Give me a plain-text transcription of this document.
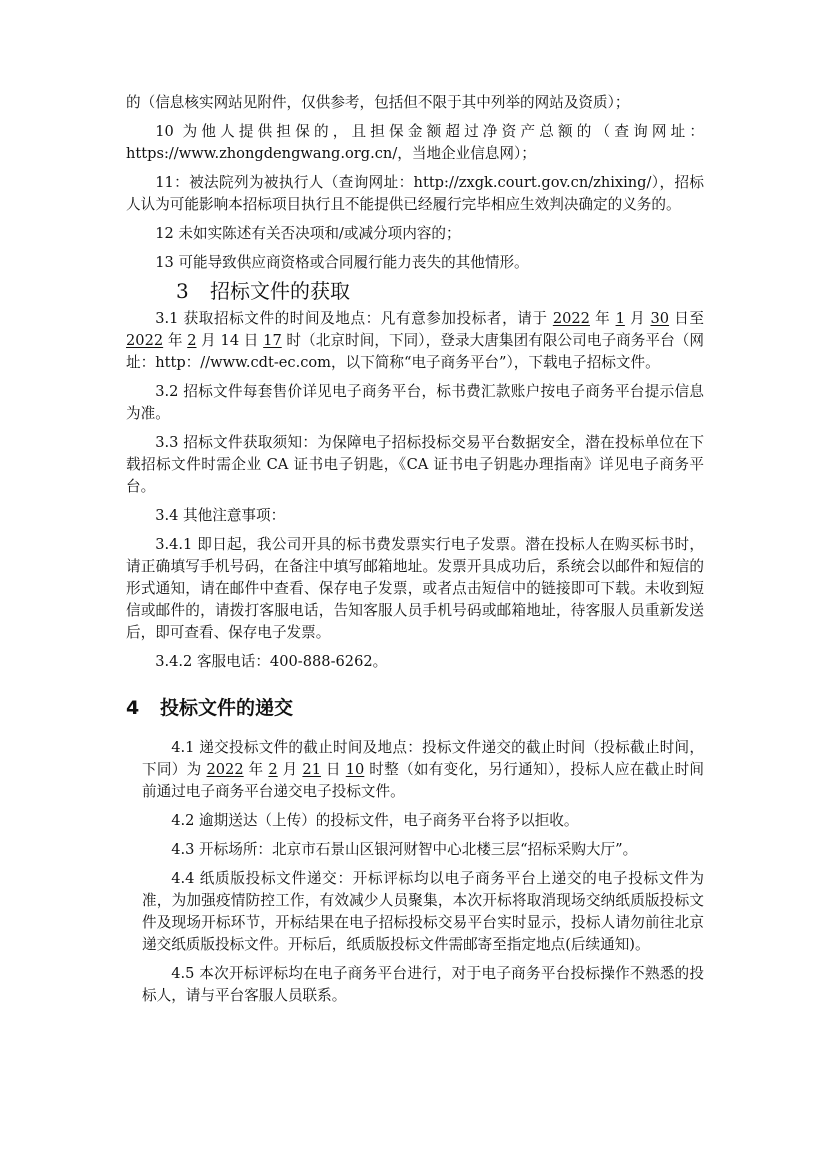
的（信息核实网站见附件，仅供参考，包括但不限于其中列举的网站及资质）；

10 为他人提供担保的，且担保金额超过净资产总额的（查询网址：https://www.zhongdengwang.org.cn/，当地企业信息网）；

11：被法院列为被执行人（查询网址：http://zxgk.court.gov.cn/zhixing/），招标人认为可能影响本招标项目执行且不能提供已经履行完毕相应生效判决确定的义务的。

12 未如实陈述有关否决项和/或减分项内容的；

13 可能导致供应商资格或合同履行能力丧失的其他情形。

3 招标文件的获取

3.1 获取招标文件的时间及地点：凡有意参加投标者，请于 2022 年 1 月 30 日至 2022 年 2 月 14 日 17 时（北京时间，下同），登录大唐集团有限公司电子商务平台（网址：http：//www.cdt-ec.com，以下简称“电子商务平台”），下载电子招标文件。

3.2 招标文件每套售价详见电子商务平台，标书费汇款账户按电子商务平台提示信息为准。

3.3 招标文件获取须知：为保障电子招标投标交易平台数据安全，潜在投标单位在下载招标文件时需企业 CA 证书电子钥匙，《CA 证书电子钥匙办理指南》详见电子商务平台。

3.4 其他注意事项：

3.4.1 即日起，我公司开具的标书费发票实行电子发票。潜在投标人在购买标书时，请正确填写手机号码，在备注中填写邮箱地址。发票开具成功后，系统会以邮件和短信的形式通知，请在邮件中查看、保存电子发票，或者点击短信中的链接即可下载。未收到短信或邮件的，请拨打客服电话，告知客服人员手机号码或邮箱地址，待客服人员重新发送后，即可查看、保存电子发票。

3.4.2 客服电话：400-888-6262。

4 投标文件的递交

4.1 递交投标文件的截止时间及地点：投标文件递交的截止时间（投标截止时间，下同）为 2022 年 2 月 21 日 10 时整（如有变化，另行通知），投标人应在截止时间前通过电子商务平台递交电子投标文件。

4.2 逾期送达（上传）的投标文件，电子商务平台将予以拒收。

4.3 开标场所：北京市石景山区银河财智中心北楼三层“招标采购大厅”。

4.4 纸质版投标文件递交：开标评标均以电子商务平台上递交的电子投标文件为准，为加强疫情防控工作，有效减少人员聚集，本次开标将取消现场交纳纸质版投标文件及现场开标环节，开标结果在电子招标投标交易平台实时显示，投标人请勿前往北京递交纸质版投标文件。开标后，纸质版投标文件需邮寄至指定地点(后续通知)。

4.5 本次开标评标均在电子商务平台进行，对于电子商务平台投标操作不熟悉的投标人，请与平台客服人员联系。
